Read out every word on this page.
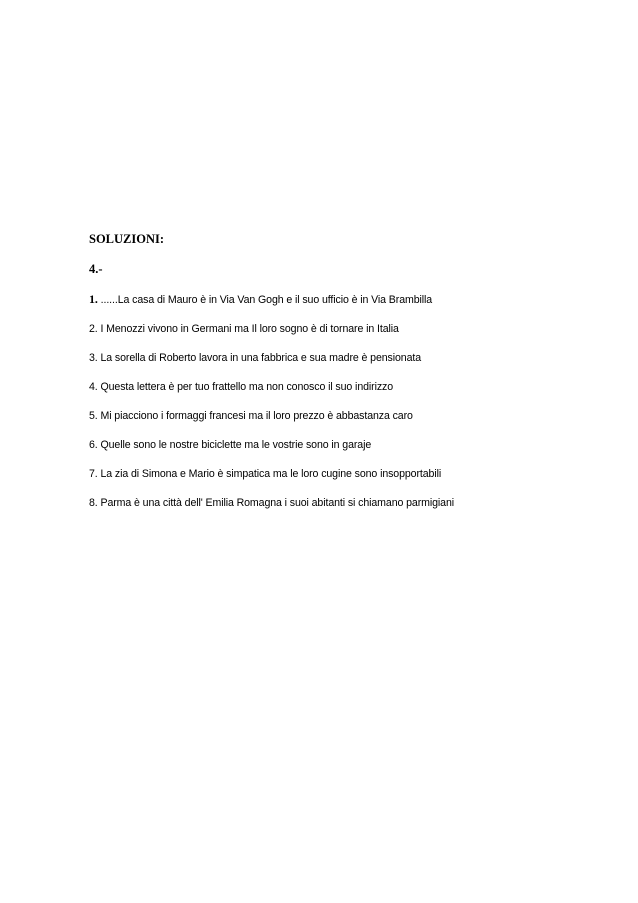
SOLUZIONI:

4.-

1. ......La casa di Mauro è in Via Van Gogh e il suo ufficio è in Via Brambilla

2. I Menozzi vivono in Germani ma Il loro sogno è di tornare in Italia

3. La sorella di Roberto lavora in una fabbrica e sua madre è pensionata

4. Questa lettera è per tuo frattello ma non conosco il suo indirizzo

5. Mi piacciono i formaggi francesi ma il loro prezzo è abbastanza caro

6. Quelle sono le nostre biciclette ma le vostrie sono in garaje

7. La zia di Simona e Mario è simpatica ma le loro cugine sono insopportabili

8. Parma è una città dell' Emilia Romagna i suoi abitanti si chiamano parmigiani
